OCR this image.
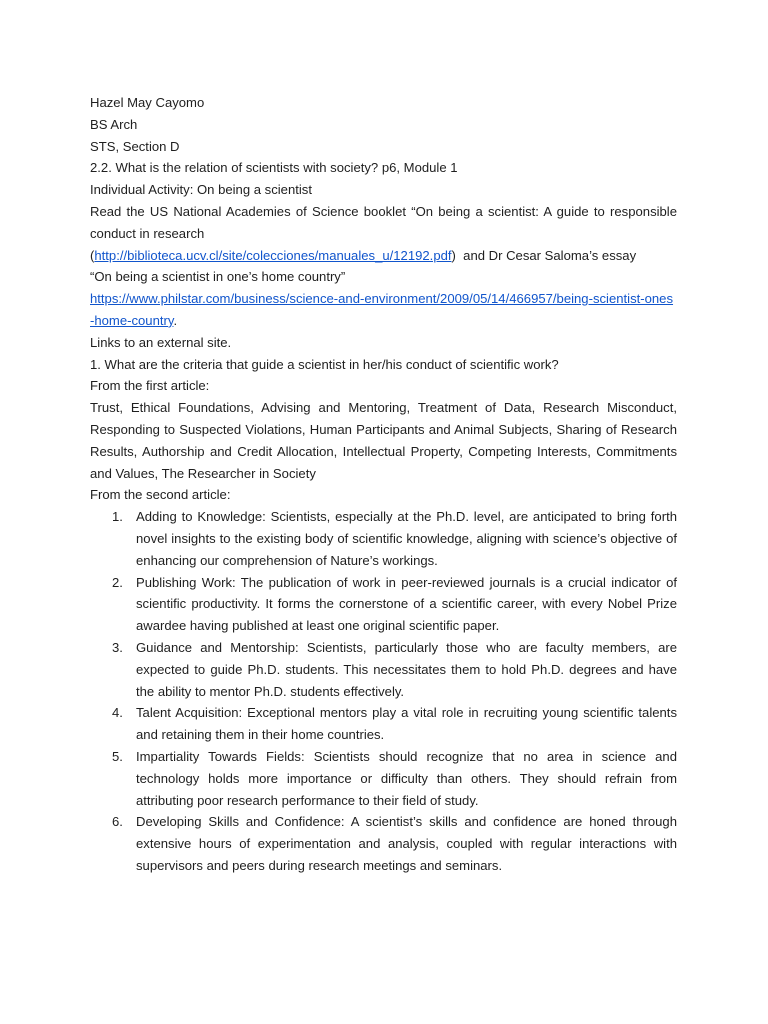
Hazel May Cayomo
BS Arch
STS, Section D
2.2. What is the relation of scientists with society? p6, Module 1
Individual Activity: On being a scientist
Read the US National Academies of Science booklet “On being a scientist: A guide to responsible conduct in research
(http://biblioteca.ucv.cl/site/colecciones/manuales_u/12192.pdf)  and Dr Cesar Saloma’s essay
“On being a scientist in one’s home country”
https://www.philstar.com/business/science-and-environment/2009/05/14/466957/being-scientist-ones-home-country.
Links to an external site.
1. What are the criteria that guide a scientist in her/his conduct of scientific work?
From the first article:
Trust, Ethical Foundations, Advising and Mentoring, Treatment of Data, Research Misconduct, Responding to Suspected Violations, Human Participants and Animal Subjects, Sharing of Research Results, Authorship and Credit Allocation, Intellectual Property, Competing Interests, Commitments and Values, The Researcher in Society
From the second article:
1. Adding to Knowledge: Scientists, especially at the Ph.D. level, are anticipated to bring forth novel insights to the existing body of scientific knowledge, aligning with science’s objective of enhancing our comprehension of Nature’s workings.
2. Publishing Work: The publication of work in peer-reviewed journals is a crucial indicator of scientific productivity. It forms the cornerstone of a scientific career, with every Nobel Prize awardee having published at least one original scientific paper.
3. Guidance and Mentorship: Scientists, particularly those who are faculty members, are expected to guide Ph.D. students. This necessitates them to hold Ph.D. degrees and have the ability to mentor Ph.D. students effectively.
4. Talent Acquisition: Exceptional mentors play a vital role in recruiting young scientific talents and retaining them in their home countries.
5. Impartiality Towards Fields: Scientists should recognize that no area in science and technology holds more importance or difficulty than others. They should refrain from attributing poor research performance to their field of study.
6. Developing Skills and Confidence: A scientist’s skills and confidence are honed through extensive hours of experimentation and analysis, coupled with regular interactions with supervisors and peers during research meetings and seminars.
